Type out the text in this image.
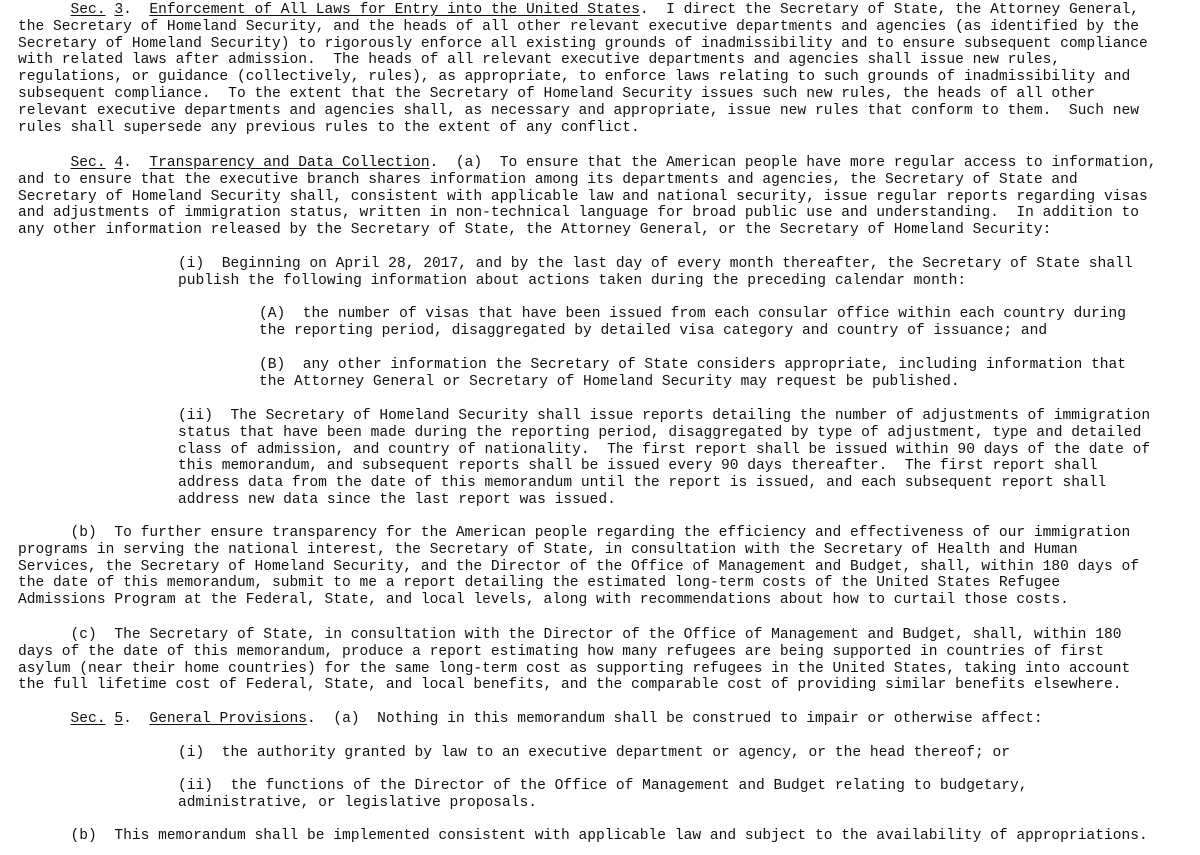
Sec. 3.  Enforcement of All Laws for Entry into the United States.  I direct the Secretary of State, the Attorney General,
the Secretary of Homeland Security, and the heads of all other relevant executive departments and agencies (as identified by the
Secretary of Homeland Security) to rigorously enforce all existing grounds of inadmissibility and to ensure subsequent compliance
with related laws after admission.  The heads of all relevant executive departments and agencies shall issue new rules,
regulations, or guidance (collectively, rules), as appropriate, to enforce laws relating to such grounds of inadmissibility and
subsequent compliance.  To the extent that the Secretary of Homeland Security issues such new rules, the heads of all other
relevant executive departments and agencies shall, as necessary and appropriate, issue new rules that conform to them.  Such new
rules shall supersede any previous rules to the extent of any conflict.
Sec. 4.  Transparency and Data Collection.  (a)  To ensure that the American people have more regular access to information,
and to ensure that the executive branch shares information among its departments and agencies, the Secretary of State and
Secretary of Homeland Security shall, consistent with applicable law and national security, issue regular reports regarding visas
and adjustments of immigration status, written in non-technical language for broad public use and understanding.  In addition to
any other information released by the Secretary of State, the Attorney General, or the Secretary of Homeland Security:
(i)  Beginning on April 28, 2017, and by the last day of every month thereafter, the Secretary of State shall
publish the following information about actions taken during the preceding calendar month:
(A)  the number of visas that have been issued from each consular office within each country during
the reporting period, disaggregated by detailed visa category and country of issuance; and
(B)  any other information the Secretary of State considers appropriate, including information that
the Attorney General or Secretary of Homeland Security may request be published.
(ii)  The Secretary of Homeland Security shall issue reports detailing the number of adjustments of immigration
status that have been made during the reporting period, disaggregated by type of adjustment, type and detailed
class of admission, and country of nationality.  The first report shall be issued within 90 days of the date of
this memorandum, and subsequent reports shall be issued every 90 days thereafter.  The first report shall
address data from the date of this memorandum until the report is issued, and each subsequent report shall
address new data since the last report was issued.
(b)  To further ensure transparency for the American people regarding the efficiency and effectiveness of our immigration
programs in serving the national interest, the Secretary of State, in consultation with the Secretary of Health and Human
Services, the Secretary of Homeland Security, and the Director of the Office of Management and Budget, shall, within 180 days of
the date of this memorandum, submit to me a report detailing the estimated long-term costs of the United States Refugee
Admissions Program at the Federal, State, and local levels, along with recommendations about how to curtail those costs.
(c)  The Secretary of State, in consultation with the Director of the Office of Management and Budget, shall, within 180
days of the date of this memorandum, produce a report estimating how many refugees are being supported in countries of first
asylum (near their home countries) for the same long-term cost as supporting refugees in the United States, taking into account
the full lifetime cost of Federal, State, and local benefits, and the comparable cost of providing similar benefits elsewhere.
Sec. 5.  General Provisions.  (a)  Nothing in this memorandum shall be construed to impair or otherwise affect:
(i)  the authority granted by law to an executive department or agency, or the head thereof; or
(ii)  the functions of the Director of the Office of Management and Budget relating to budgetary,
administrative, or legislative proposals.
(b)  This memorandum shall be implemented consistent with applicable law and subject to the availability of appropriations.
